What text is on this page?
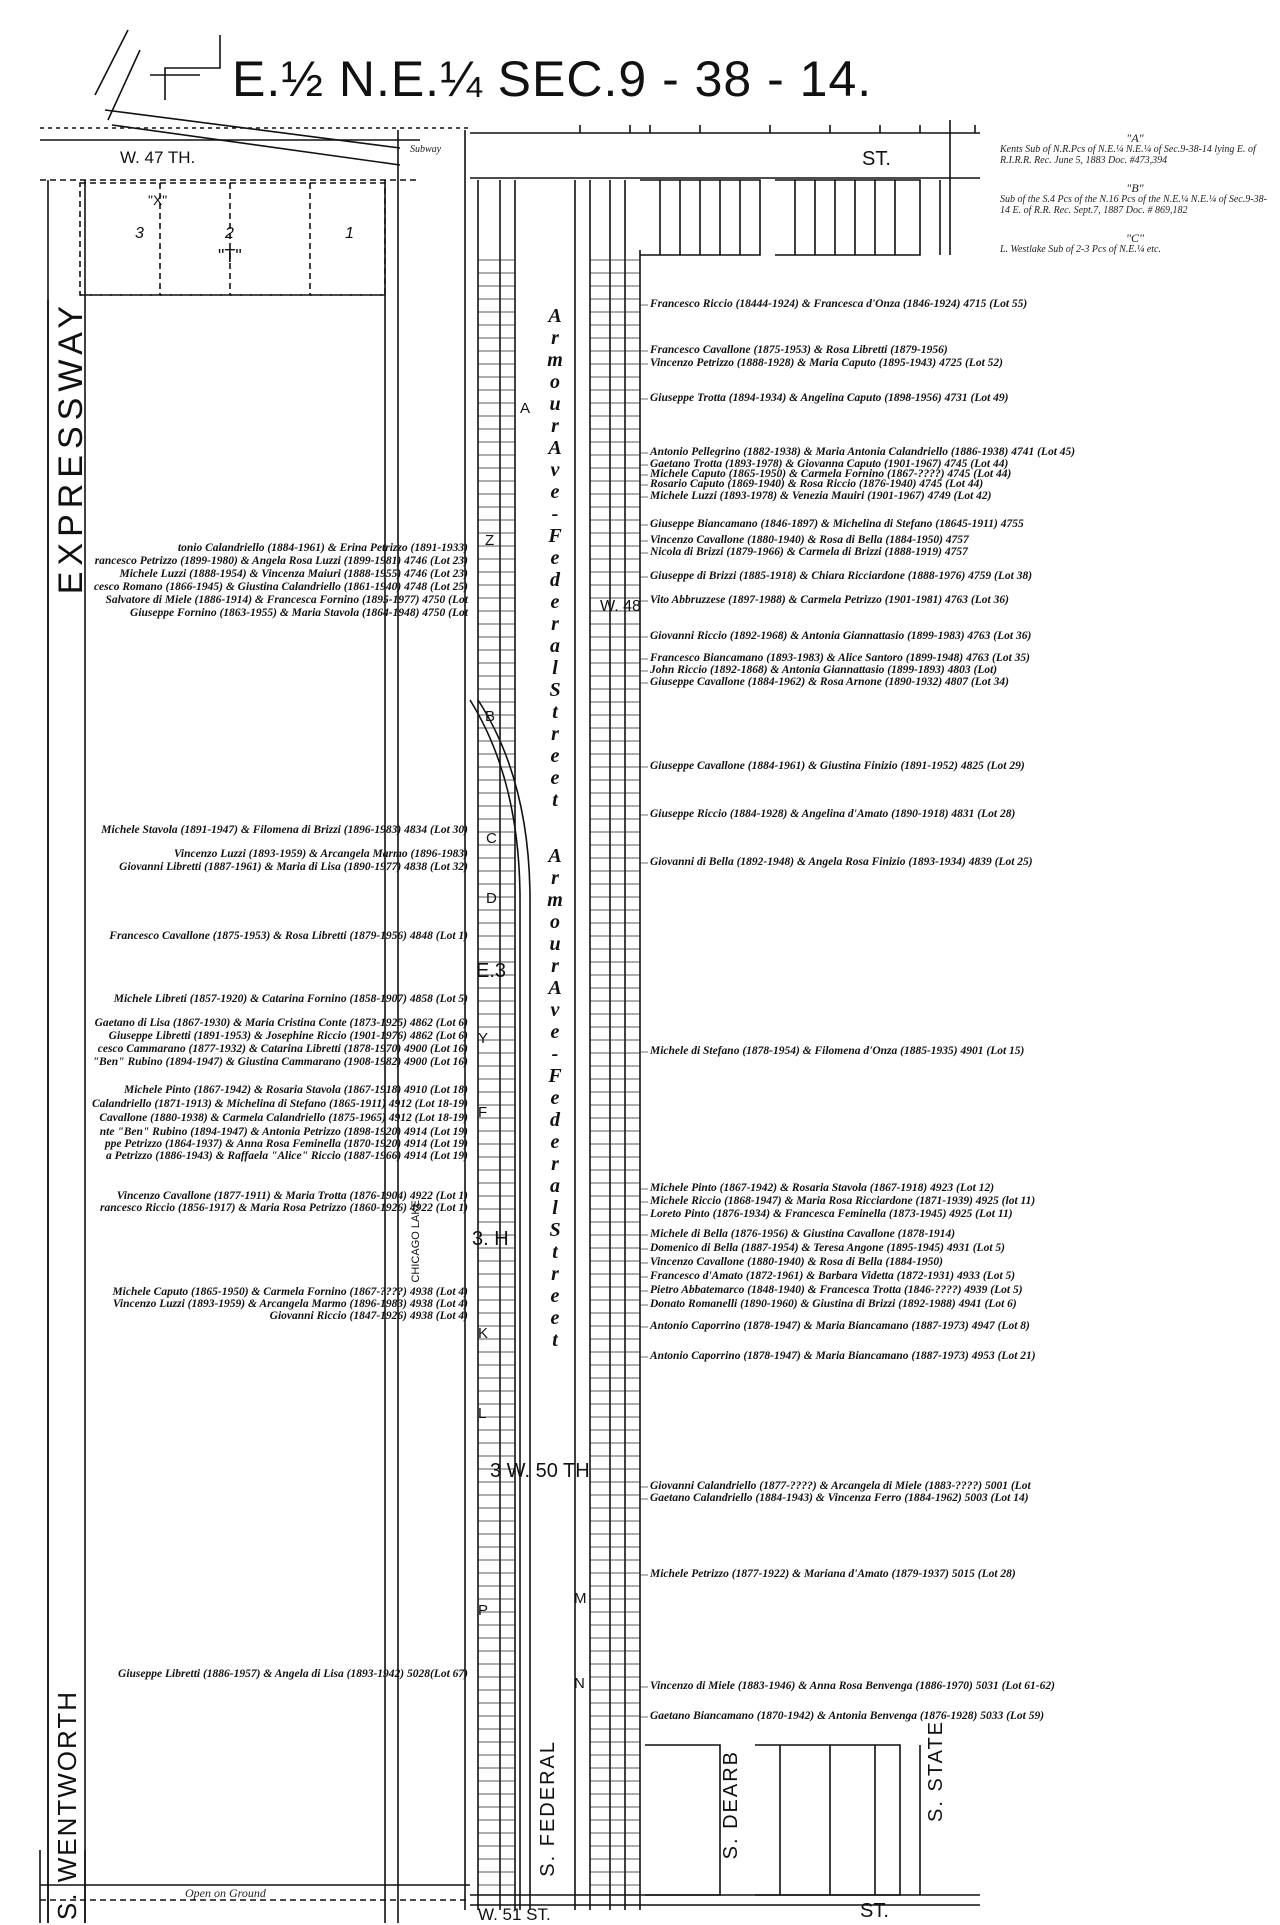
E.½ N.E.¼ SEC.9 - 38 - 14.
W. 47 TH.
W. 48
3 W. 50 TH
W. 51 ST.
ST.
ST.
Subway
Open on Ground
EXPRESSWAY
S. WENTWORTH	S. DEARB	S. STATE
S. FEDERAL
CHICAGO LAKE
A
r
m
o
u
r
A
v
e
-
F
e
d
e
r
a
l
S
t
r
e
e
t
A
r
m
o
u
r
A
v
e
-
F
e
d
e
r
a
l
S
t
r
e
e
t
"A"
Kents Sub of N.R.Pcs of N.E.¼ N.E.¼ of Sec.9-38-14 lying E. of R.I.R.R. Rec. June 5, 1883 Doc. #473,394
"B"
Sub of the S.4 Pcs of the N.16 Pcs of the N.E.¼ N.E.¼ of Sec.9-38-14 E. of R.R. Rec. Sept.7, 1887 Doc. # 869,182
"C"
L. Westlake Sub of 2-3 Pcs of N.E.¼ etc.
"X"
"T"
3	2	1
A
Z
B
C
D
E.3
Y
F
3. H
K
L
P
M
N
Francesco Riccio (18444-1924) & Francesca d'Onza (1846-1924) 4715 (Lot 55)
Francesco Cavallone (1875-1953) & Rosa Libretti (1879-1956)
Vincenzo Petrizzo (1888-1928) & Maria Caputo (1895-1943) 4725 (Lot 52)
Giuseppe Trotta (1894-1934) & Angelina Caputo (1898-1956) 4731 (Lot 49)
Antonio Pellegrino (1882-1938) & Maria Antonia Calandriello (1886-1938) 4741 (Lot 45)
Gaetano Trotta (1893-1978) & Giovanna Caputo (1901-1967) 4745 (Lot 44)
Michele Caputo (1865-1950) & Carmela Fornino (1867-????) 4745 (Lot 44)
Rosario Caputo (1869-1940) & Rosa Riccio (1876-1940) 4745 (Lot 44)
Michele Luzzi (1893-1978) & Venezia Mauiri (1901-1967) 4749 (Lot 42)
Giuseppe Biancamano (1846-1897) & Michelina di Stefano (18645-1911) 4755
Vincenzo Cavallone (1880-1940) & Rosa di Bella (1884-1950) 4757
Nicola di Brizzi (1879-1966) & Carmela di Brizzi (1888-1919) 4757
Giuseppe di Brizzi (1885-1918) & Chiara Ricciardone (1888-1976) 4759 (Lot 38)
Vito Abbruzzese (1897-1988) & Carmela Petrizzo (1901-1981) 4763 (Lot 36)
Giovanni Riccio (1892-1968) & Antonia Giannattasio (1899-1983) 4763 (Lot 36)
Francesco Biancamano (1893-1983) & Alice Santoro (1899-1948) 4763 (Lot 35)
John Riccio (1892-1868) & Antonia Giannattasio (1899-1893) 4803 (Lot)
Giuseppe Cavallone (1884-1962) & Rosa Arnone (1890-1932) 4807 (Lot 34)
Giuseppe Cavallone (1884-1961) & Giustina Finizio (1891-1952) 4825 (Lot 29)
Giuseppe Riccio (1884-1928) & Angelina d'Amato (1890-1918) 4831 (Lot 28)
Giovanni di Bella (1892-1948) & Angela Rosa Finizio (1893-1934) 4839 (Lot 25)
Michele di Stefano (1878-1954) & Filomena d'Onza (1885-1935) 4901 (Lot 15)
Michele Pinto (1867-1942) & Rosaria Stavola (1867-1918) 4923 (Lot 12)
Michele Riccio (1868-1947) & Maria Rosa Ricciardone (1871-1939) 4925 (lot 11)
Loreto Pinto (1876-1934) & Francesca Feminella (1873-1945) 4925 (Lot 11)
Michele di Bella (1876-1956) & Giustina Cavallone (1878-1914)
Domenico di Bella (1887-1954) & Teresa Angone (1895-1945) 4931 (Lot 5)
Vincenzo Cavallone (1880-1940) & Rosa di Bella (1884-1950)
Francesco d'Amato (1872-1961) & Barbara Videtta (1872-1931) 4933 (Lot 5)
Pietro Abbatemarco (1848-1940) & Francesca Trotta (1846-????) 4939 (Lot 5)
Donato Romanelli (1890-1960) & Giustina di Brizzi (1892-1988) 4941 (Lot 6)
Antonio Caporrino (1878-1947) & Maria Biancamano (1887-1973) 4947 (Lot 8)
Antonio Caporrino (1878-1947) & Maria Biancamano (1887-1973) 4953 (Lot 21)
Giovanni Calandriello (1877-????) & Arcangela di Miele (1883-????) 5001 (Lot
Gaetano Calandriello (1884-1943) & Vincenza Ferro (1884-1962) 5003 (Lot 14)
Michele Petrizzo (1877-1922) & Mariana d'Amato (1879-1937) 5015 (Lot 28)
Vincenzo di Miele (1883-1946) & Anna Rosa Benvenga (1886-1970) 5031 (Lot 61-62)
Gaetano Biancamano (1870-1942) & Antonia Benvenga (1876-1928) 5033 (Lot 59)
tonio Calandriello (1884-1961) & Erina Petrizzo (1891-1933)
rancesco Petrizzo (1899-1980) & Angela Rosa Luzzi (1899-1981) 4746 (Lot 23)
Michele Luzzi (1888-1954) & Vincenza Maiuri (1888-1955) 4746 (Lot 23)
cesco Romano (1866-1945) & Giustina Calandriello (1861-1940) 4748 (Lot 25)
Salvatore di Miele (1886-1914) & Francesca Fornino (1895-1977) 4750 (Lot
Giuseppe Fornino (1863-1955) & Maria Stavola (1864-1948) 4750 (Lot
Michele Stavola (1891-1947) & Filomena di Brizzi (1896-1983) 4834 (Lot 30)
Vincenzo Luzzi (1893-1959) & Arcangela Marmo (1896-1983)
Giovanni Libretti (1887-1961) & Maria di Lisa (1890-1977) 4838 (Lot 32)
Francesco Cavallone (1875-1953) & Rosa Libretti (1879-1956) 4848 (Lot 1)
Michele Libreti (1857-1920) & Catarina Fornino (1858-1907) 4858 (Lot 5)
Gaetano di Lisa (1867-1930) & Maria Cristina Conte (1873-1925) 4862 (Lot 6)
Giuseppe Libretti (1891-1953) & Josephine Riccio (1901-1976) 4862 (Lot 6)
cesco Cammarano (1877-1932) & Catarina Libretti (1878-1970) 4900 (Lot 16)
"Ben" Rubino (1894-1947) & Giustina Cammarano (1908-1982) 4900 (Lot 16)
Michele Pinto (1867-1942) & Rosaria Stavola (1867-1918) 4910 (Lot 18)
Calandriello (1871-1913) & Michelina di Stefano (1865-1911) 4912 (Lot 18-19)
Cavallone (1880-1938) & Carmela Calandriello (1875-1965) 4912 (Lot 18-19)
nte "Ben" Rubino (1894-1947) & Antonia Petrizzo (1898-1920) 4914 (Lot 19)
ppe Petrizzo (1864-1937) & Anna Rosa Feminella (1870-1920) 4914 (Lot 19)
a Petrizzo (1886-1943) & Raffaela "Alice" Riccio (1887-1966) 4914 (Lot 19)
Vincenzo Cavallone (1877-1911) & Maria Trotta (1876-1904) 4922 (Lot 1)
rancesco Riccio (1856-1917) & Maria Rosa Petrizzo (1860-1926) 4922 (Lot 1)
Michele Caputo (1865-1950) & Carmela Fornino (1867-????) 4938 (Lot 4)
Vincenzo Luzzi (1893-1959) & Arcangela Marmo (1896-1983) 4938 (Lot 4)
Giovanni Riccio (1847-1926) 4938 (Lot 4)
Giuseppe Libretti (1886-1957) & Angela di Lisa (1893-1942) 5028(Lot 67)
